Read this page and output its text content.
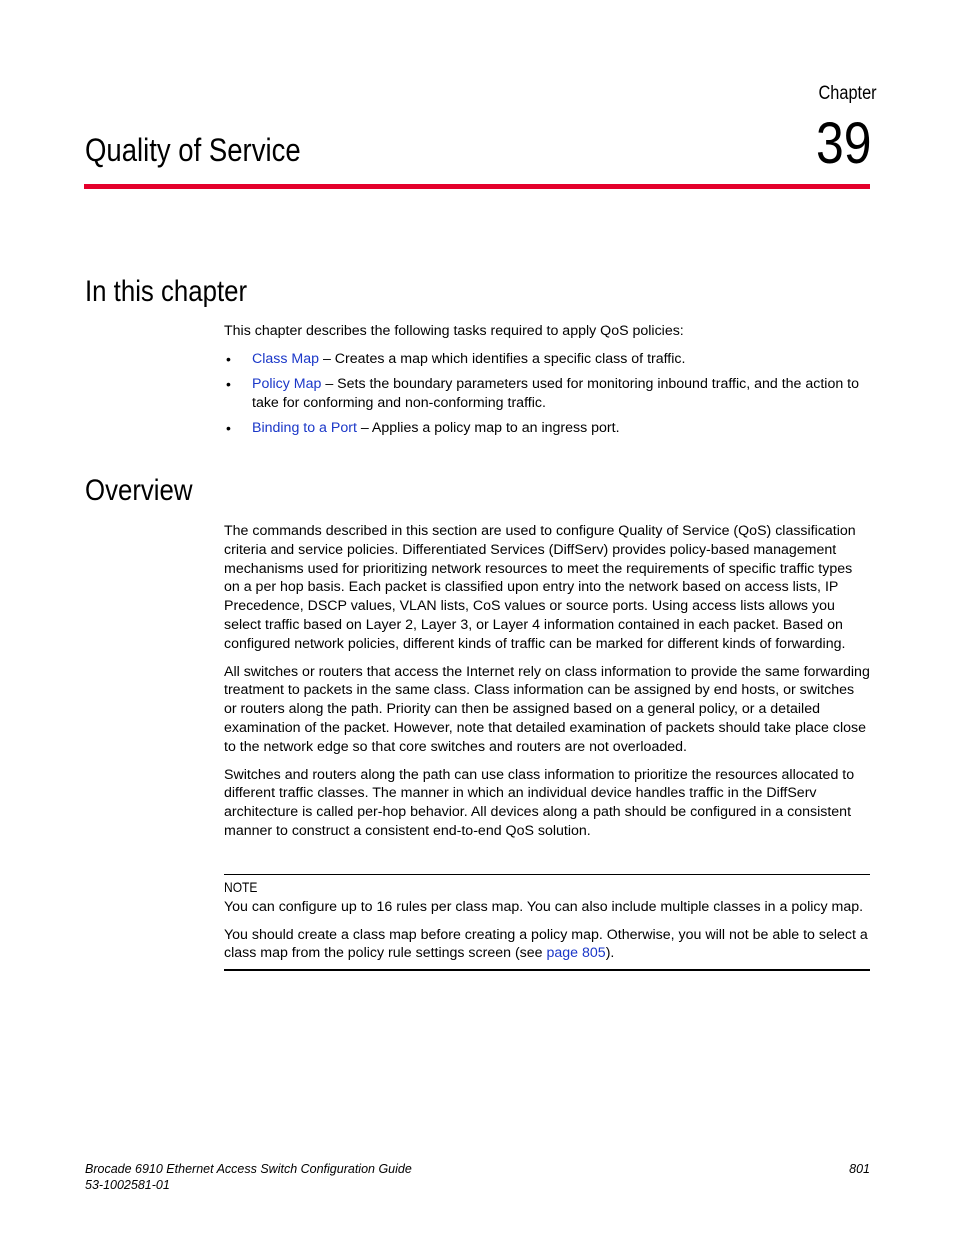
Chapter
39
Quality of Service
In this chapter
This chapter describes the following tasks required to apply QoS policies:
• Class Map – Creates a map which identifies a specific class of traffic.
• Policy Map – Sets the boundary parameters used for monitoring inbound traffic, and the action to take for conforming and non-conforming traffic.
• Binding to a Port – Applies a policy map to an ingress port.
Overview

The commands described in this section are used to configure Quality of Service (QoS) classification criteria and service policies. Differentiated Services (DiffServ) provides policy-based management mechanisms used for prioritizing network resources to meet the requirements of specific traffic types on a per hop basis. Each packet is classified upon entry into the network based on access lists, IP Precedence, DSCP values, VLAN lists, CoS values or source ports. Using access lists allows you select traffic based on Layer 2, Layer 3, or Layer 4 information contained in each packet. Based on configured network policies, different kinds of traffic can be marked for different kinds of forwarding.

All switches or routers that access the Internet rely on class information to provide the same forwarding treatment to packets in the same class. Class information can be assigned by end hosts, or switches or routers along the path. Priority can then be assigned based on a general policy, or a detailed examination of the packet. However, note that detailed examination of packets should take place close to the network edge so that core switches and routers are not overloaded.

Switches and routers along the path can use class information to prioritize the resources allocated to different traffic classes. The manner in which an individual device handles traffic in the DiffServ architecture is called per-hop behavior. All devices along a path should be configured in a consistent manner to construct a consistent end-to-end QoS solution.

NOTE

You can configure up to 16 rules per class map. You can also include multiple classes in a policy map.

You should create a class map before creating a policy map. Otherwise, you will not be able to select a class map from the policy rule settings screen (see page 805).

Brocade 6910 Ethernet Access Switch Configuration Guide
53-1002581-01
801
